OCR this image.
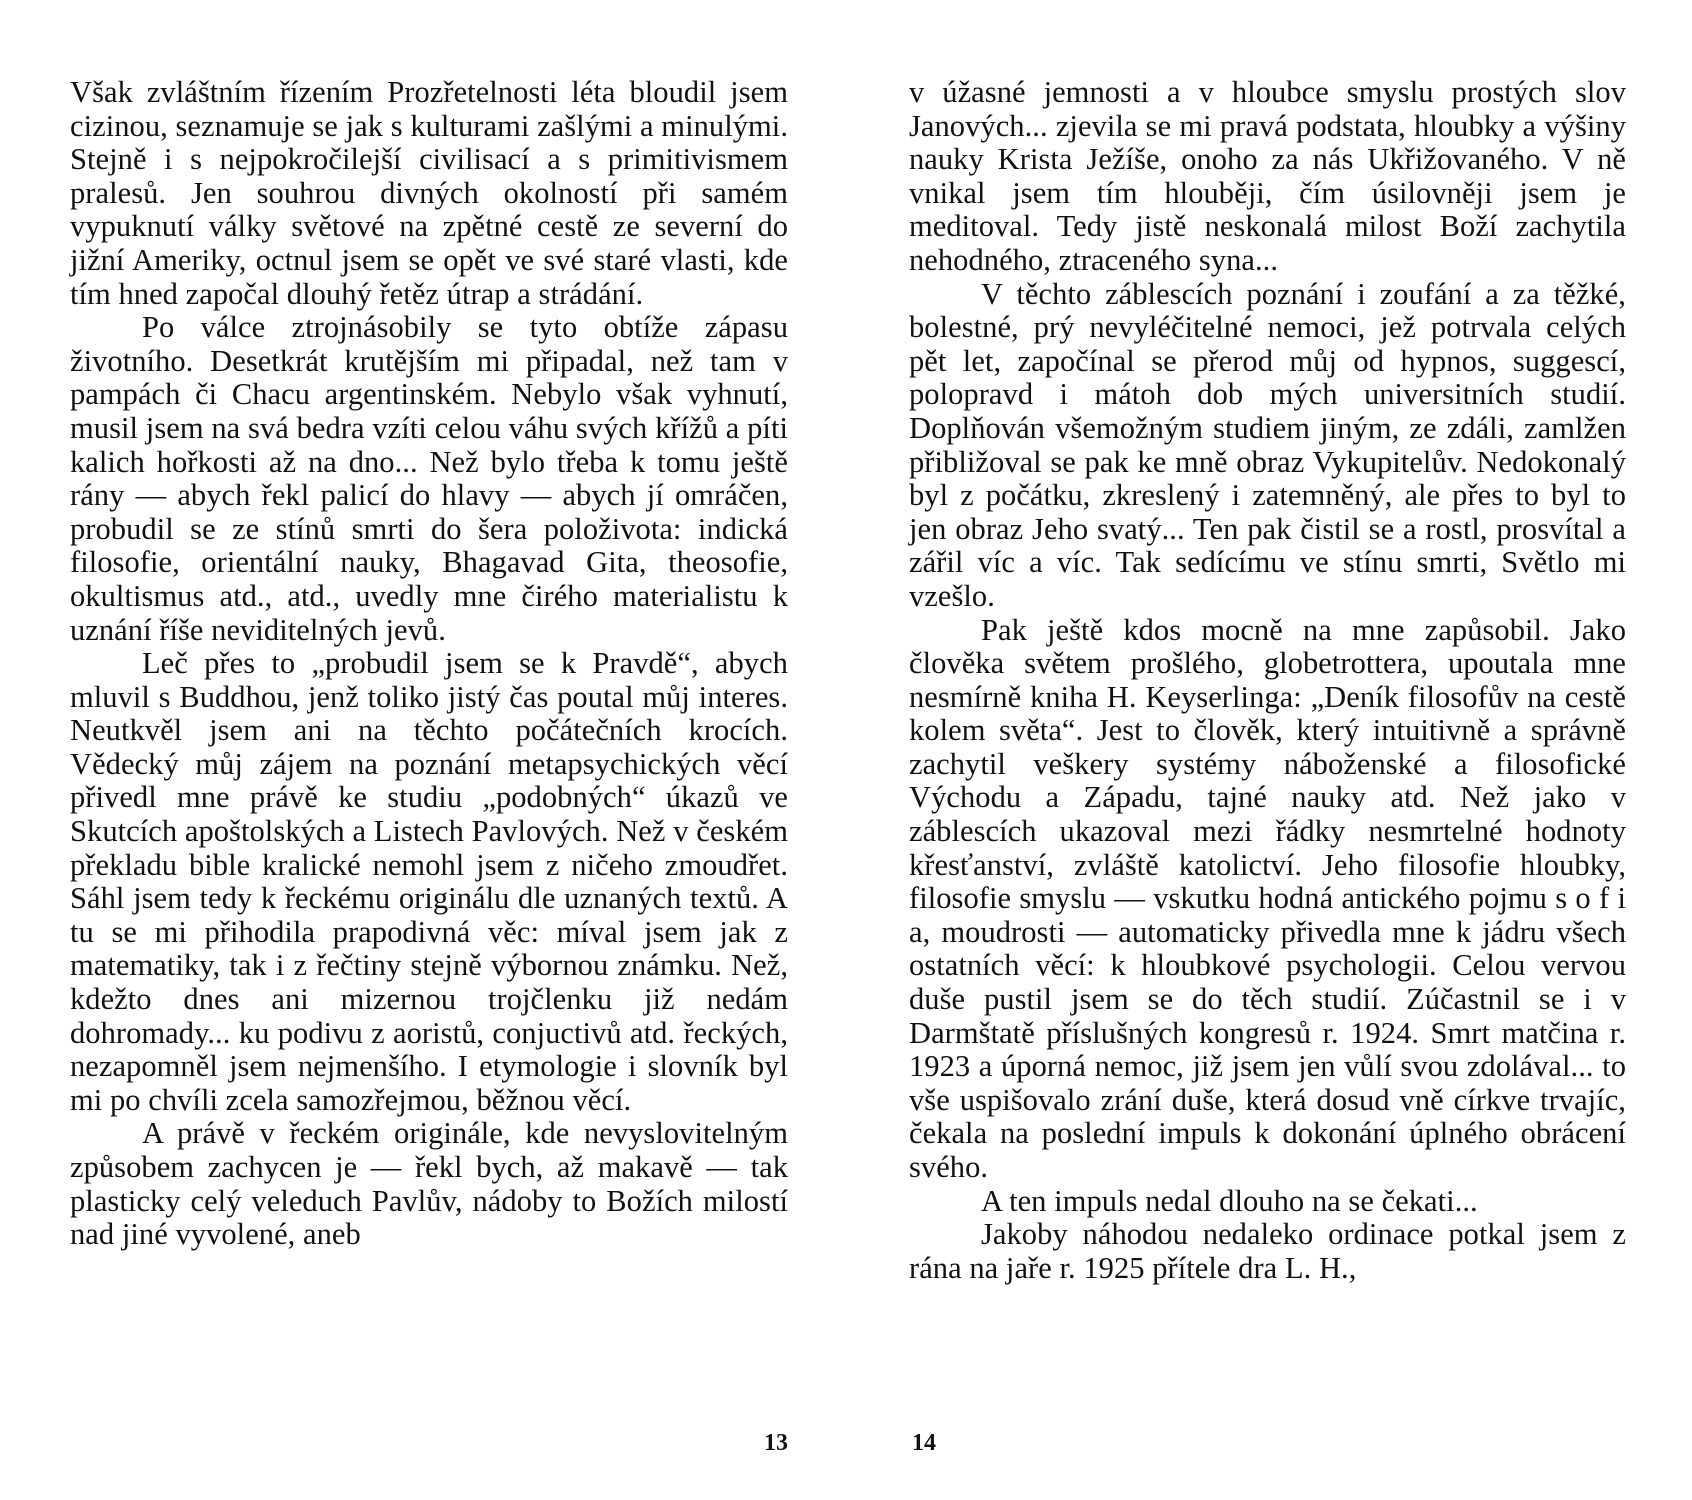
Však zvláštním řízením Prozřetelnosti léta bloudil jsem cizinou, seznamuje se jak s kulturami zašlými a minulými. Stejně i s nejpokročilejší civilisací a s primitivismem pralesů. Jen souhrou divných okolností při samém vypuknutí války světové na zpětné cestě ze severní do jižní Ameriky, octnul jsem se opět ve své staré vlasti, kde tím hned započal dlouhý řetěz útrap a strádání.

Po válce ztrojnásobily se tyto obtíže zápasu životního. Desetkrát krutějším mi připadal, než tam v pampách či Chacu argentinském. Nebylo však vyhnutí, musil jsem na svá bedra vzíti celou váhu svých křížů a píti kalich hořkosti až na dno... Než bylo třeba k tomu ještě rány — abych řekl palicí do hlavy — abych jí omráčen, probudil se ze stínů smrti do šera položivota: indická filosofie, orientální nauky, Bhagavad Gita, theosofie, okultismus atd., atd., uvedly mne čirého materialistu k uznání říše neviditelných jevů.

Leč přes to „probudil jsem se k Pravdě“, abych mluvil s Buddhou, jenž toliko jistý čas poutal můj interes. Neutkvěl jsem ani na těchto počátečních krocích. Vědecký můj zájem na poznání metapsychických věcí přivedl mne právě ke studiu „podobných“ úkazů ve Skutcích apoštolských a Listech Pavlových. Než v českém překladu bible kralické nemohl jsem z ničeho zmoudřet. Sáhl jsem tedy k řeckému originálu dle uznaných textů. A tu se mi přihodila prapodivná věc: míval jsem jak z matematiky, tak i z řečtiny stejně výbornou známku. Než, kdežto dnes ani mizernou trojčlenku již nedám dohromady... ku podivu z aoristů, conjuctivů atd. řeckých, nezapomněl jsem nejmenšího. I etymologie i slovník byl mi po chvíli zcela samozřejmou, běžnou věcí.

A právě v řeckém originále, kde nevyslovitelným způsobem zachycen je — řekl bych, až makavě — tak plasticky celý veleduch Pavlův, nádoby to Božích milostí nad jiné vyvolené, aneb

13

v úžasné jemnosti a v hloubce smyslu prostých slov Janových... zjevila se mi pravá podstata, hloubky a výšiny nauky Krista Ježíše, onoho za nás Ukřižovaného. V ně vnikal jsem tím hlouběji, čím úsilovněji jsem je meditoval. Tedy jistě neskonalá milost Boží zachytila nehodného, ztraceného syna...

V těchto záblescích poznání i zoufání a za těžké, bolestné, prý nevyléčitelné nemoci, jež potrvala celých pět let, započínal se přerod můj od hypnos, suggescí, polopravd i mátoh dob mých universitních studií. Doplňován všemožným studiem jiným, ze zdáli, zamlžen přibližoval se pak ke mně obraz Vykupitelův. Nedokonalý byl z počátku, zkreslený i zatemněný, ale přes to byl to jen obraz Jeho svatý... Ten pak čistil se a rostl, prosvítal a zářil víc a víc. Tak sedícímu ve stínu smrti, Světlo mi vzešlo.

Pak ještě kdos mocně na mne zapůsobil. Jako člověka světem prošlého, globetrottera, upoutala mne nesmírně kniha H. Keyserlinga: „Deník filosofův na cestě kolem světa“. Jest to člověk, který intuitivně a správně zachytil veškery systémy náboženské a filosofické Východu a Západu, tajné nauky atd. Než jako v záblescích ukazoval mezi řádky nesmrtelné hodnoty křesťanství, zvláště katolictví. Jeho filosofie hloubky, filosofie smyslu — vskutku hodná antického pojmu s o f i a, moudrosti — automaticky přivedla mne k jádru všech ostatních věcí: k hloubkové psychologii. Celou vervou duše pustil jsem se do těch studií. Zúčastnil se i v Darmštatě příslušných kongresů r. 1924. Smrt matčina r. 1923 a úporná nemoc, již jsem jen vůlí svou zdolával... to vše uspišovalo zrání duše, která dosud vně církve trvajíc, čekala na poslední impuls k dokonání úplného obrácení svého.

A ten impuls nedal dlouho na se čekati...

Jakoby náhodou nedaleko ordinace potkal jsem z rána na jaře r. 1925 přítele dra L. H.,

14
